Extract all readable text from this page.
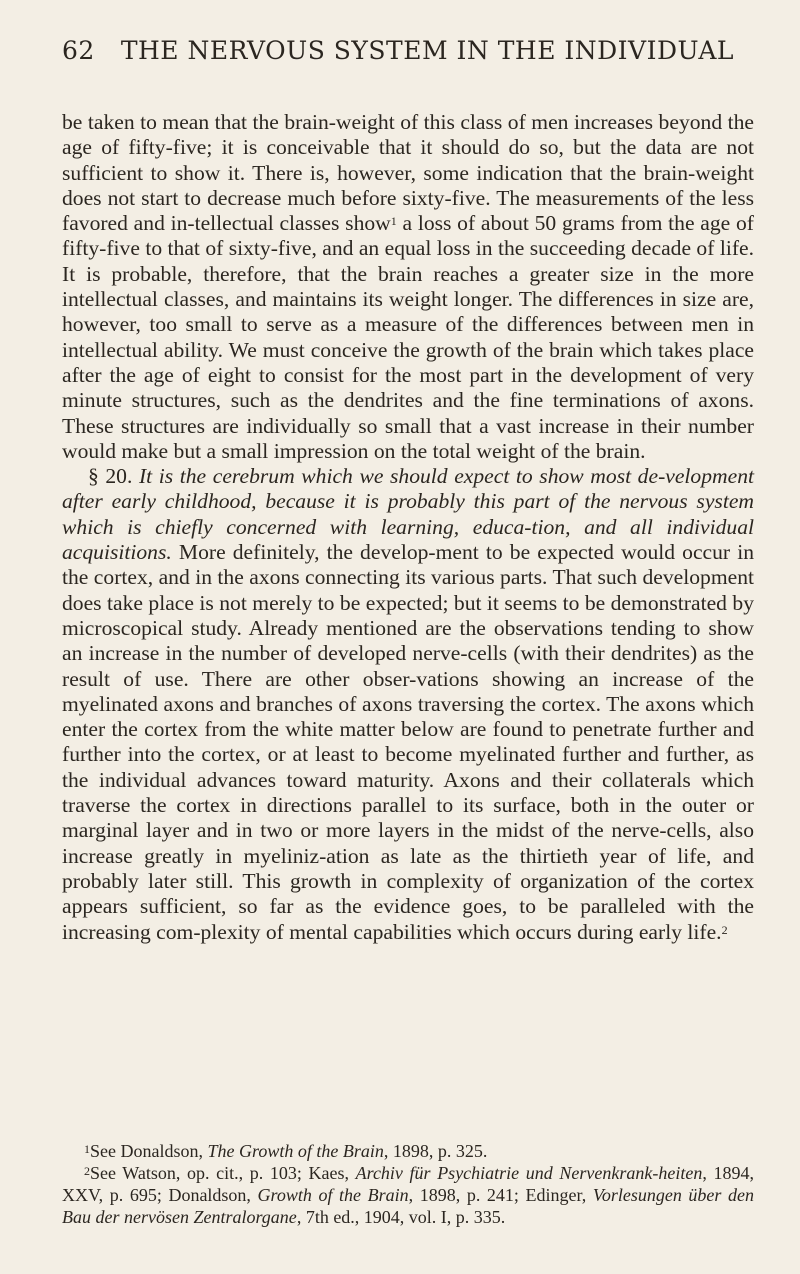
62 THE NERVOUS SYSTEM IN THE INDIVIDUAL

be taken to mean that the brain-weight of this class of men increases beyond the age of fifty-five; it is conceivable that it should do so, but the data are not sufficient to show it. There is, however, some indication that the brain-weight does not start to decrease much before sixty-five. The measurements of the less favored and in-tellectual classes show$^1$ a loss of about 50 grams from the age of fifty-five to that of sixty-five, and an equal loss in the succeeding decade of life. It is probable, therefore, that the brain reaches a greater size in the more intellectual classes, and maintains its weight longer. The differences in size are, however, too small to serve as a measure of the differences between men in intellectual ability. We must conceive the growth of the brain which takes place after the age of eight to consist for the most part in the development of very minute structures, such as the dendrites and the fine terminations of axons. These structures are individually so small that a vast increase in their number would make but a small impression on the total weight of the brain.

§ 20. It is the cerebrum which we should expect to show most de-velopment after early childhood, because it is probably this part of the nervous system which is chiefly concerned with learning, educa-tion, and all individual acquisitions. More definitely, the develop-ment to be expected would occur in the cortex, and in the axons connecting its various parts. That such development does take place is not merely to be expected; but it seems to be demonstrated by microscopical study. Already mentioned are the observations tending to show an increase in the number of developed nerve-cells (with their dendrites) as the result of use. There are other obser-vations showing an increase of the myelinated axons and branches of axons traversing the cortex. The axons which enter the cortex from the white matter below are found to penetrate further and further into the cortex, or at least to become myelinated further and further, as the individual advances toward maturity. Axons and their collaterals which traverse the cortex in directions parallel to its surface, both in the outer or marginal layer and in two or more layers in the midst of the nerve-cells, also increase greatly in myeliniz-ation as late as the thirtieth year of life, and probably later still. This growth in complexity of organization of the cortex appears sufficient, so far as the evidence goes, to be paralleled with the increasing com-plexity of mental capabilities which occurs during early life.$^2$

$^1$See Donaldson, The Growth of the Brain, 1898, p. 325.

$^2$See Watson, op. cit., p. 103; Kaes, Archiv für Psychiatrie und Nervenkrank-heiten, 1894, XXV, p. 695; Donaldson, Growth of the Brain, 1898, p. 241; Edinger, Vorlesungen über den Bau der nervösen Zentralorgane, 7th ed., 1904, vol. I, p. 335.
